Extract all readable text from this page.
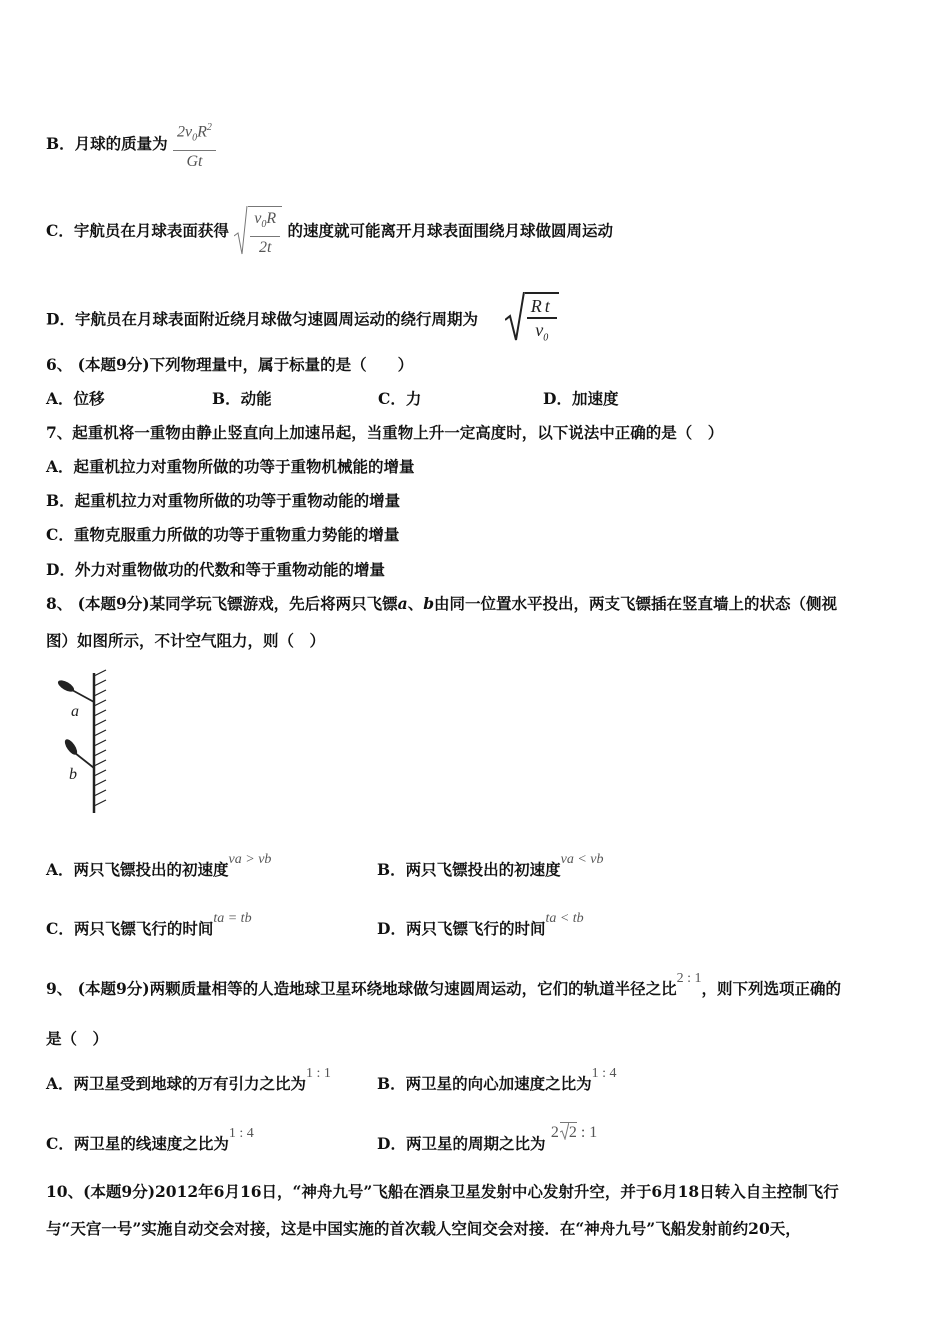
B．月球的质量为 $\frac{2v_0R^2}{Gt}$
C．宇航员在月球表面获得 $\frac{v_0R}{2t}$ 的速度就可能离开月球表面围绕月球做圆周运动
D．宇航员在月球表面附近绕月球做匀速圆周运动的绕行周期为	$\frac{Rt}{v_0}$
6、 (本题9分)下列物理量中，属于标量的是（　　）
A．位移	B．动能	C．力	D．加速度
7、起重机将一重物由静止竖直向上加速吊起，当重物上升一定高度时，以下说法中正确的是（　）
A．起重机拉力对重物所做的功等于重物机械能的增量
B．起重机拉力对重物所做的功等于重物动能的增量
C．重物克服重力所做的功等于重物重力势能的增量
D．外力对重物做功的代数和等于重物动能的增量
8、 (本题9分)某同学玩飞镖游戏，先后将两只飞镖a、b由同一位置水平投出，两支飞镖插在竖直墙上的状态（侧视
图）如图所示，不计空气阻力，则（　）
a
b
A．两只飞镖投出的初速度va > vb
B．两只飞镖投出的初速度va < vb
C．两只飞镖飞行的时间ta = tb
D．两只飞镖飞行的时间ta < tb
9、 (本题9分)两颗质量相等的人造地球卫星环绕地球做匀速圆周运动，它们的轨道半径之比2 : 1，则下列选项正确的
是（　）
A．两卫星受到地球的万有引力之比为1 : 1
B．两卫星的向心加速度之比为1 : 4
C．两卫星的线速度之比为1 : 4
D．两卫星的周期之比为 2 2 : 1
10、(本题9分)2012年6月16日，“神舟九号”飞船在酒泉卫星发射中心发射升空，并于6月18日转入自主控制飞行
与“天宫一号”实施自动交会对接，这是中国实施的首次载人空间交会对接．在“神舟九号”飞船发射前约20天，
